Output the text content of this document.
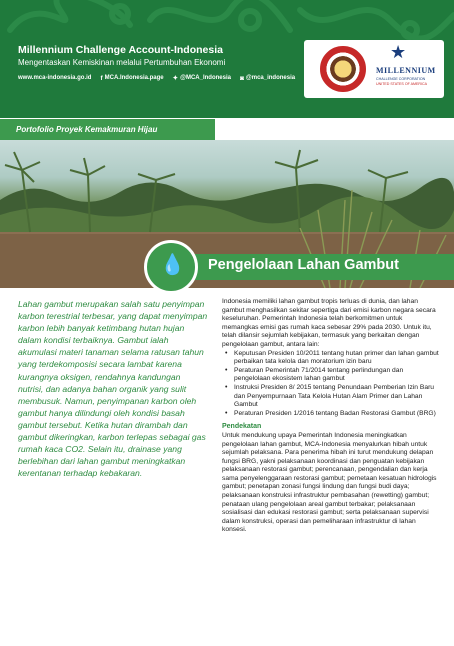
Millennium Challenge Account-Indonesia
Mengentaskan Kemiskinan melalui Pertumbuhan Ekonomi
www.mca-indonesia.go.id f MCA.Indonesia.page ✦ @MCA_Indonesia ◙ @mca_indonesia
★
MILLENNIUM
CHALLENGE CORPORATION
UNITED STATES OF AMERICA
Portofolio Proyek Kemakmuran Hijau
Pengelolaan Lahan Gambut
💧
Lahan gambut merupakan salah satu penyimpan karbon terestrial terbesar, yang dapat menyimpan karbon lebih banyak ketimbang hutan hujan dalam kondisi terbaiknya. Gambut ialah akumulasi materi tanaman selama ratusan tahun yang terdekomposisi secara lambat karena kurangnya oksigen, rendahnya kandungan nutrisi, dan adanya bahan organik yang sulit membusuk. Namun, penyimpanan karbon oleh gambut hanya dilindungi oleh kondisi basah gambut tersebut. Ketika hutan dirambah dan gambut dikeringkan, karbon terlepas sebagai gas rumah kaca CO2. Selain itu, drainase yang berlebihan dari lahan gambut meningkatkan kerentanan terhadap kebakaran.

Indonesia memiliki lahan gambut tropis terluas di dunia, dan lahan gambut menghasilkan sekitar sepertiga dari emisi karbon negara secara keseluruhan. Pemerintah Indonesia telah berkomitmen untuk memangkas emisi gas rumah kaca sebesar 29% pada 2030. Untuk itu, telah dilansir sejumlah kebijakan, termasuk yang berkaitan dengan pengelolaan gambut, antara lain:

• Keputusan Presiden 10/2011 tentang hutan primer dan lahan gambut perbaikan tata kelola dan moratorium izin baru
• Peraturan Pemerintah 71/2014 tentang perlindungan dan pengelolaan ekosistem lahan gambut
• Instruksi Presiden 8/ 2015 tentang Penundaan Pemberian Izin Baru dan Penyempurnaan Tata Kelola Hutan Alam Primer dan Lahan Gambut
• Peraturan Presiden 1/2016 tentang Badan Restorasi Gambut (BRG)
Pendekatan

Untuk mendukung upaya Pemerintah Indonesia meningkatkan pengelolaan lahan gambut, MCA-Indonesia menyalurkan hibah untuk sejumlah pelaksana. Para penerima hibah ini turut mendukung delapan fungsi BRG, yakni pelaksanaan koordinasi dan penguatan kebijakan pelaksanaan restorasi gambut; perencanaan, pengendalian dan kerja sama penyelenggaraan restorasi gambut; pemetaan kesatuan hidrologis gambut; penetapan zonasi fungsi lindung dan fungsi budi daya; pelaksanaan konstruksi infrastruktur pembasahan (rewetting) gambut; penataan ulang pengelolaan areal gambut terbakar; pelaksanaan sosialisasi dan edukasi restorasi gambut; serta pelaksanaan supervisi dalam konstruksi, operasi dan pemeliharaan infrastruktur di lahan konsesi.
